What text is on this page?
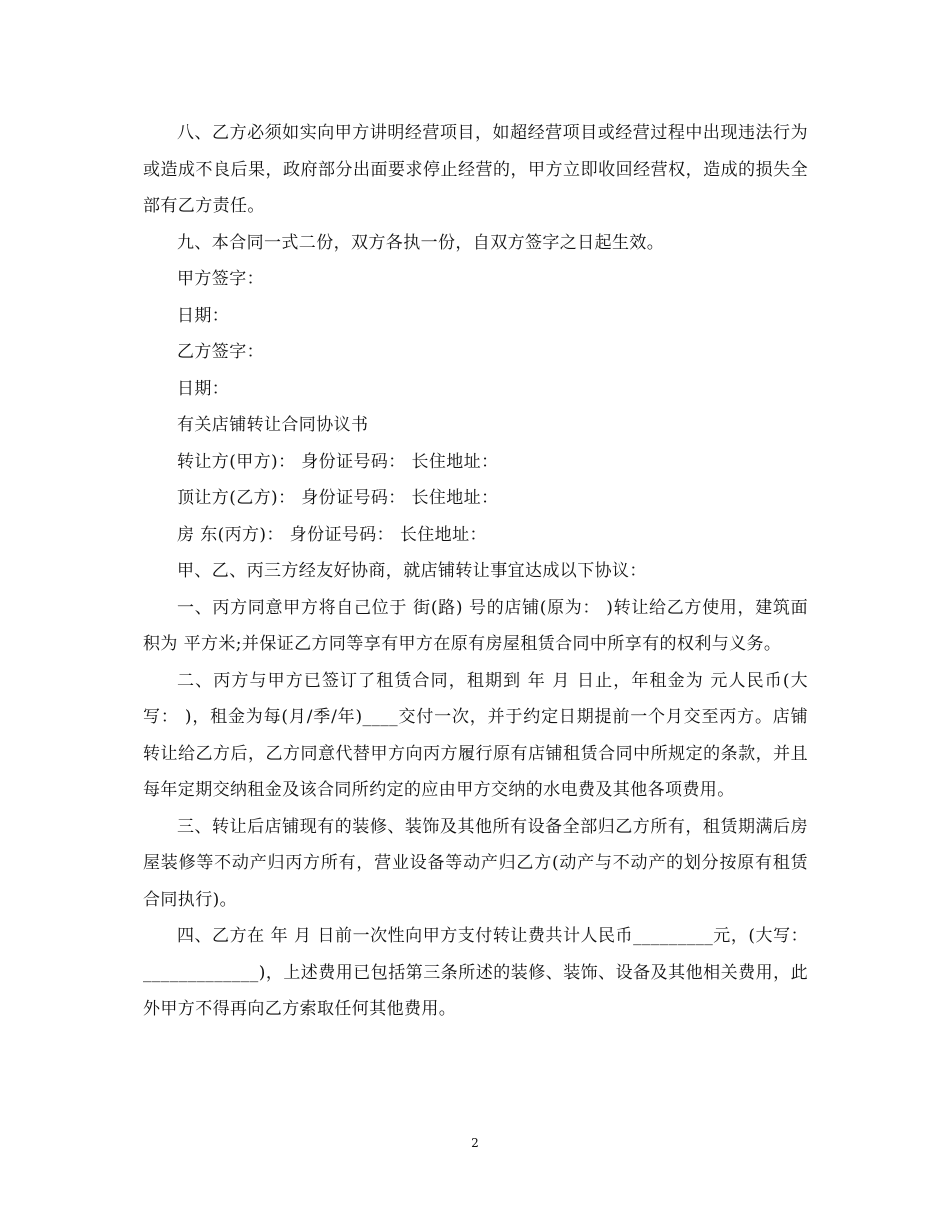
八、乙方必须如实向甲方讲明经营项目，如超经营项目或经营过程中出现违法行为或造成不良后果，政府部分出面要求停止经营的，甲方立即收回经营权，造成的损失全部有乙方责任。

九、本合同一式二份，双方各执一份，自双方签字之日起生效。

甲方签字：

日期：

乙方签字：

日期：

有关店铺转让合同协议书

转让方(甲方)： 身份证号码： 长住地址：

顶让方(乙方)： 身份证号码： 长住地址：

房 东(丙方)： 身份证号码： 长住地址：

甲、乙、丙三方经友好协商，就店铺转让事宜达成以下协议：

一、丙方同意甲方将自己位于 街(路) 号的店铺(原为： )转让给乙方使用，建筑面积为 平方米;并保证乙方同等享有甲方在原有房屋租赁合同中所享有的权利与义务。

二、丙方与甲方已签订了租赁合同，租期到 年 月 日止，年租金为 元人民币(大写： )，租金为每(月/季/年)____交付一次，并于约定日期提前一个月交至丙方。店铺转让给乙方后，乙方同意代替甲方向丙方履行原有店铺租赁合同中所规定的条款，并且每年定期交纳租金及该合同所约定的应由甲方交纳的水电费及其他各项费用。

三、转让后店铺现有的装修、装饰及其他所有设备全部归乙方所有，租赁期满后房屋装修等不动产归丙方所有，营业设备等动产归乙方(动产与不动产的划分按原有租赁合同执行)。

四、乙方在 年 月 日前一次性向甲方支付转让费共计人民币_________元，(大写：_____________)，上述费用已包括第三条所述的装修、装饰、设备及其他相关费用，此外甲方不得再向乙方索取任何其他费用。

2
